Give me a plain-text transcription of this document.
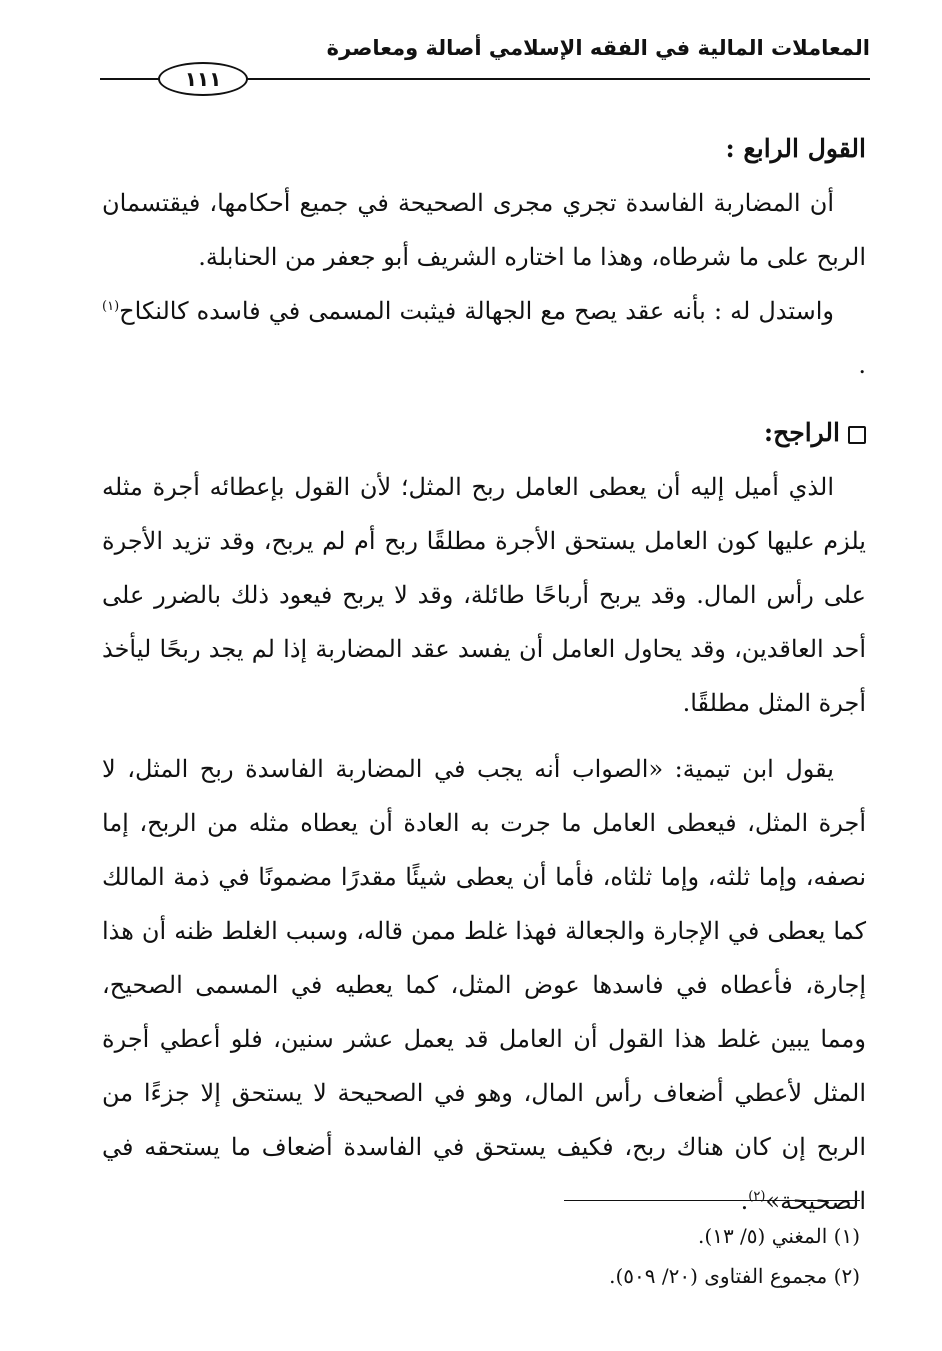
المعاملات المالية في الفقه الإسلامي أصالة ومعاصرة
١١١

القول الرابع :

أن المضاربة الفاسدة تجري مجرى الصحيحة في جميع أحكامها، فيقتسمان الربح على ما شرطاه، وهذا ما اختاره الشريف أبو جعفر من الحنابلة.

واستدل له : بأنه عقد يصح مع الجهالة فيثبت المسمى في فاسده كالنكاح$^{(١)}$ .

الراجح:

الذي أميل إليه أن يعطى العامل ربح المثل؛ لأن القول بإعطائه أجرة مثله يلزم عليها كون العامل يستحق الأجرة مطلقًا ربح أم لم يربح، وقد تزيد الأجرة على رأس المال. وقد يربح أرباحًا طائلة، وقد لا يربح فيعود ذلك بالضرر على أحد العاقدين، وقد يحاول العامل أن يفسد عقد المضاربة إذا لم يجد ربحًا ليأخذ أجرة المثل مطلقًا.

يقول ابن تيمية: «الصواب أنه يجب في المضاربة الفاسدة ربح المثل، لا أجرة المثل، فيعطى العامل ما جرت به العادة أن يعطاه مثله من الربح، إما نصفه، وإما ثلثه، وإما ثلثاه، فأما أن يعطى شيئًا مقدرًا مضمونًا في ذمة المالك كما يعطى في الإجارة والجعالة فهذا غلط ممن قاله، وسبب الغلط ظنه أن هذا إجارة، فأعطاه في فاسدها عوض المثل، كما يعطيه في المسمى الصحيح، ومما يبين غلط هذا القول أن العامل قد يعمل عشر سنين، فلو أعطي أجرة المثل لأعطي أضعاف رأس المال، وهو في الصحيحة لا يستحق إلا جزءًا من الربح إن كان هناك ربح، فكيف يستحق في الفاسدة أضعاف ما يستحقه في الصحيحة»$^{(٢)}$.

(١) المغني (٥/ ١٣).
(٢) مجموع الفتاوى (٢٠/ ٥٠٩).
